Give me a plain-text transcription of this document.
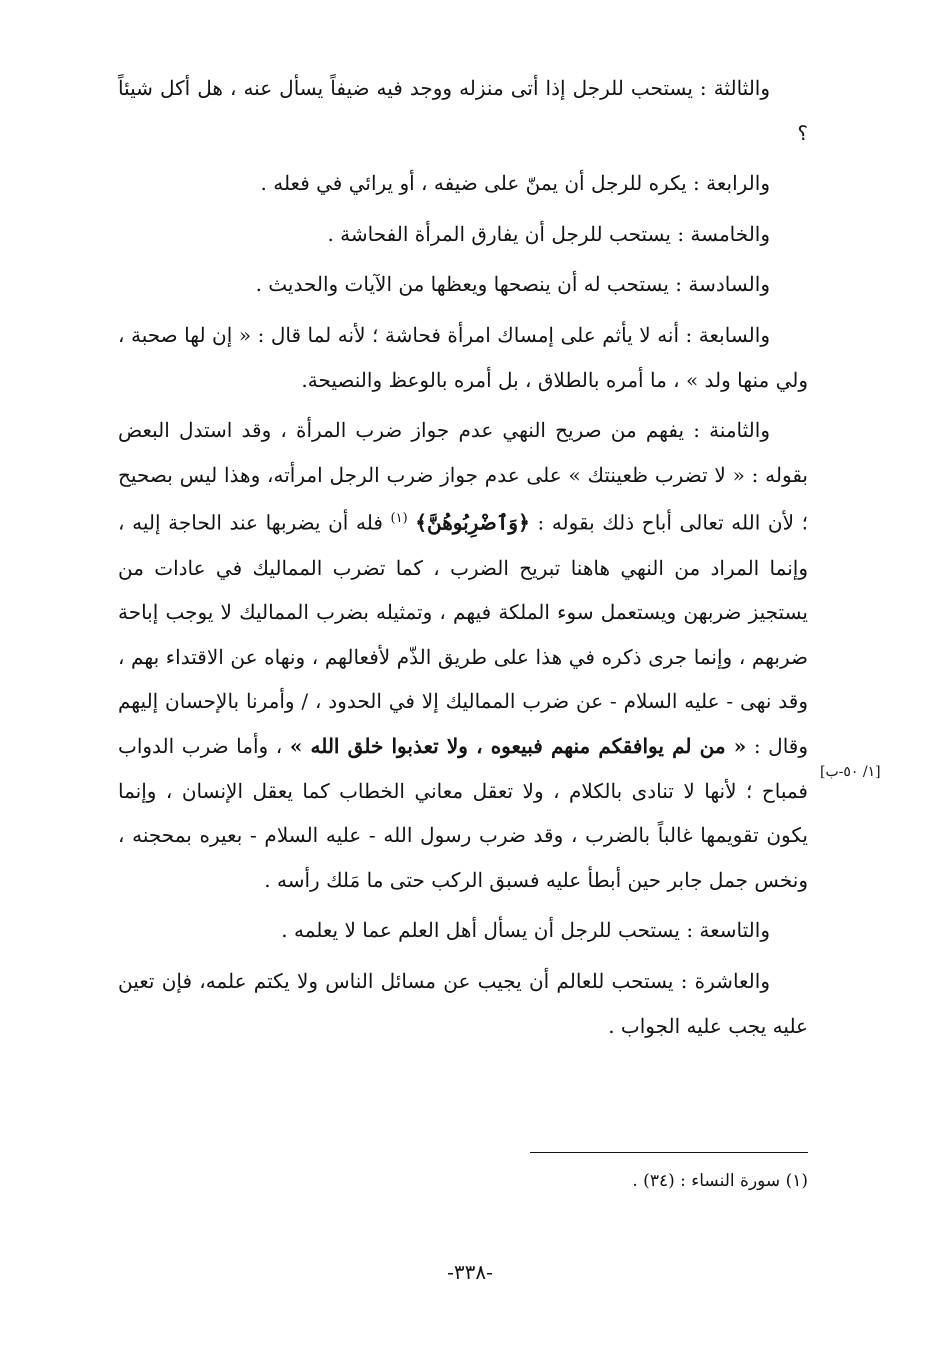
والثالثة : يستحب للرجل إذا أتى منزله ووجد فيه ضيفاً يسأل عنه ، هل أكل شيئاً ؟

والرابعة : يكره للرجل أن يمنّ على ضيفه ، أو يرائي في فعله .

والخامسة : يستحب للرجل أن يفارق المرأة الفحاشة .

والسادسة : يستحب له أن ينصحها ويعظها من الآيات والحديث .

والسابعة : أنه لا يأثم على إمساك امرأة فحاشة ؛ لأنه لما قال : « إن لها صحبة ، ولي منها ولد » ، ما أمره بالطلاق ، بل أمره بالوعظ والنصيحة.

والثامنة : يفهم من صريح النهي عدم جواز ضرب المرأة ، وقد استدل البعض بقوله : « لا تضرب ظعينتك » على عدم جواز ضرب الرجل امرأته، وهذا ليس بصحيح ؛ لأن الله تعالى أباح ذلك بقوله : ﴿وَٱضْرِبُوهُنَّ﴾ $^{(١)}$ فله أن يضربها عند الحاجة إليه ، وإنما المراد من النهي هاهنا تبريح الضرب ، كما تضرب المماليك في عادات من يستجيز ضربهن ويستعمل سوء الملكة فيهم ، وتمثيله بضرب المماليك لا يوجب إباحة ضربهم ، وإنما جرى ذكره في هذا على طريق الذّم لأفعالهم ، ونهاه عن الاقتداء بهم ، وقد نهى - عليه السلام - عن ضرب المماليك إلا في الحدود ، / وأمرنا بالإحسان إليهم وقال : « من لم يوافقكم منهم فبيعوه ، ولا تعذبوا خلق الله » ، وأما ضرب الدواب فمباح ؛ لأنها لا تنادى بالكلام ، ولا تعقل معاني الخطاب كما يعقل الإنسان ، وإنما يكون تقويمها غالباً بالضرب ، وقد ضرب رسول الله - عليه السلام - بعيره بمحجنه ، ونخس جمل جابر حين أبطأ عليه فسبق الركب حتى ما مَلك رأسه .

والتاسعة : يستحب للرجل أن يسأل أهل العلم عما لا يعلمه .

والعاشرة : يستحب للعالم أن يجيب عن مسائل الناس ولا يكتم علمه، فإن تعين عليه يجب عليه الجواب .

[١/ ٥٠-ب]
(١) سورة النساء : (٣٤) .
-٣٣٨-
